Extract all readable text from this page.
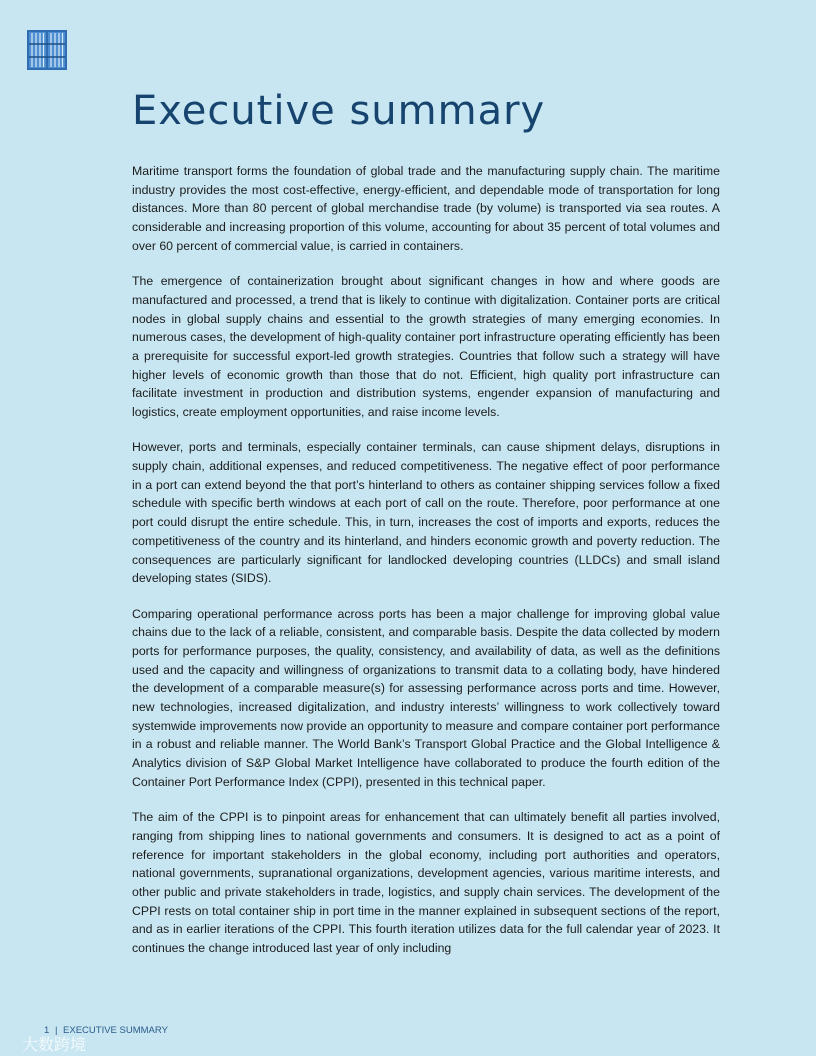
Executive summary

Maritime transport forms the foundation of global trade and the manufacturing supply chain. The maritime industry provides the most cost-effective, energy-efficient, and dependable mode of transportation for long distances. More than 80 percent of global merchandise trade (by volume) is transported via sea routes. A considerable and increasing proportion of this volume, accounting for about 35 percent of total volumes and over 60 percent of commercial value, is carried in containers.

The emergence of containerization brought about significant changes in how and where goods are manufactured and processed, a trend that is likely to continue with digitalization. Container ports are critical nodes in global supply chains and essential to the growth strategies of many emerging economies. In numerous cases, the development of high-quality container port infrastructure operating efficiently has been a prerequisite for successful export-led growth strategies. Countries that follow such a strategy will have higher levels of economic growth than those that do not. Efficient, high quality port infrastructure can facilitate investment in production and distribution systems, engender expansion of manufacturing and logistics, create employment opportunities, and raise income levels.

However, ports and terminals, especially container terminals, can cause shipment delays, disruptions in supply chain, additional expenses, and reduced competitiveness. The negative effect of poor performance in a port can extend beyond the that port’s hinterland to others as container shipping services follow a fixed schedule with specific berth windows at each port of call on the route. Therefore, poor performance at one port could disrupt the entire schedule. This, in turn, increases the cost of imports and exports, reduces the competitiveness of the country and its hinterland, and hinders economic growth and poverty reduction. The consequences are particularly significant for landlocked developing countries (LLDCs) and small island developing states (SIDS).

Comparing operational performance across ports has been a major challenge for improving global value chains due to the lack of a reliable, consistent, and comparable basis. Despite the data collected by modern ports for performance purposes, the quality, consistency, and availability of data, as well as the definitions used and the capacity and willingness of organizations to transmit data to a collating body, have hindered the development of a comparable measure(s) for assessing performance across ports and time. However, new technologies, increased digitalization, and industry interests’ willingness to work collectively toward systemwide improvements now provide an opportunity to measure and compare container port performance in a robust and reliable manner. The World Bank’s Transport Global Practice and the Global Intelligence & Analytics division of S&P Global Market Intelligence have collaborated to produce the fourth edition of the Container Port Performance Index (CPPI), presented in this technical paper.

The aim of the CPPI is to pinpoint areas for enhancement that can ultimately benefit all parties involved, ranging from shipping lines to national governments and consumers. It is designed to act as a point of reference for important stakeholders in the global economy, including port authorities and operators, national governments, supranational organizations, development agencies, various maritime interests, and other public and private stakeholders in trade, logistics, and supply chain services. The development of the CPPI rests on total container ship in port time in the manner explained in subsequent sections of the report, and as in earlier iterations of the CPPI. This fourth iteration utilizes data for the full calendar year of 2023. It continues the change introduced last year of only including

1 | EXECUTIVE SUMMARY
大数跨境
